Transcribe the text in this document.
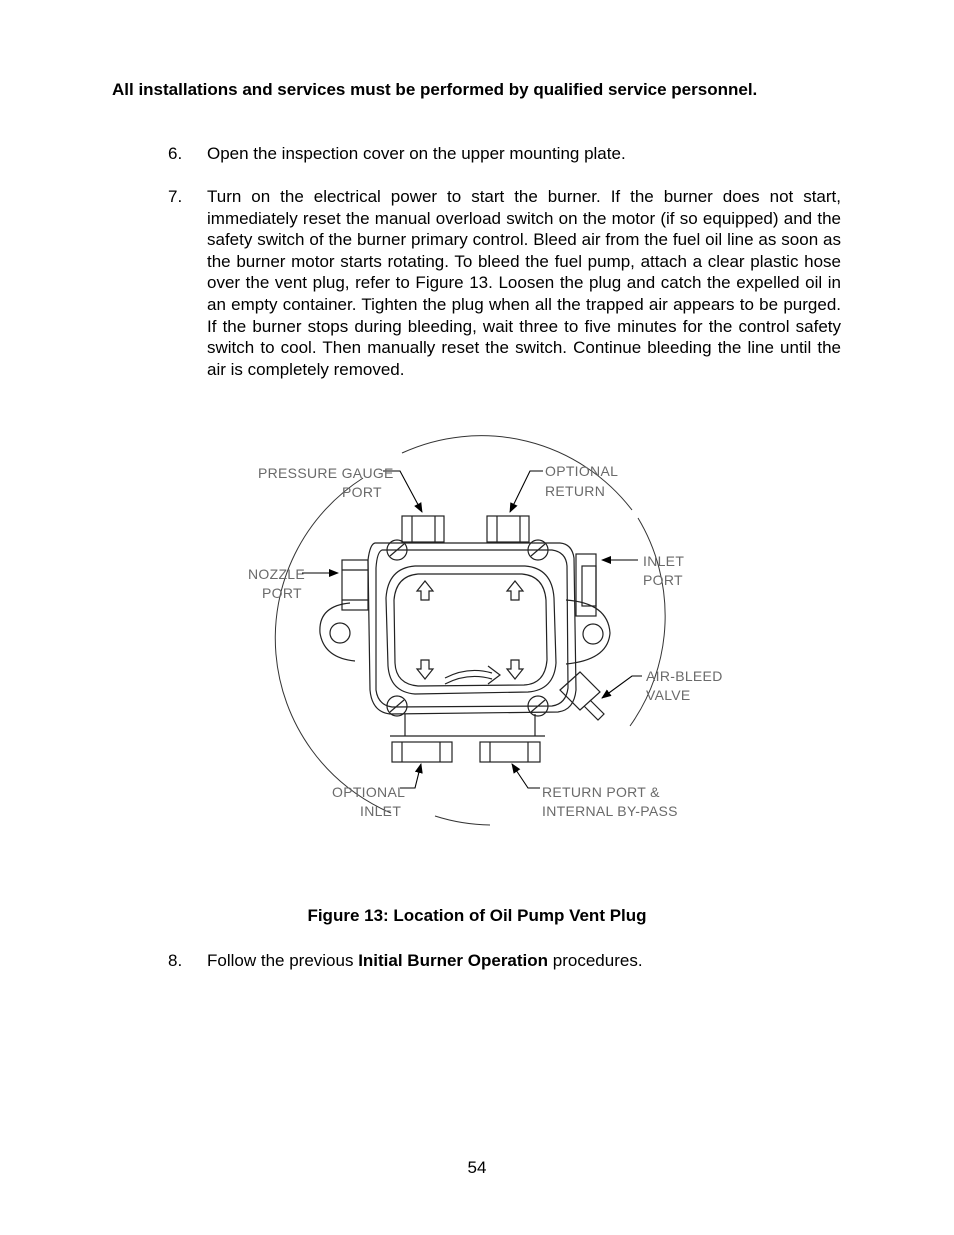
All installations and services must be performed by qualified service personnel.
6. Open the inspection cover on the upper mounting plate.
7. Turn on the electrical power to start the burner. If the burner does not start, immediately reset the manual overload switch on the motor (if so equipped) and the safety switch of the burner primary control. Bleed air from the fuel oil line as soon as the burner motor starts rotating. To bleed the fuel pump, attach a clear plastic hose over the vent plug, refer to Figure 13. Loosen the plug and catch the expelled oil in an empty container. Tighten the plug when all the trapped air appears to be purged. If the burner stops during bleeding, wait three to five minutes for the control safety switch to cool. Then manually reset the switch. Continue bleeding the line until the air is completely removed.
PRESSURE GAUGE
PORT
OPTIONAL
RETURN
NOZZLE
PORT
INLET
PORT
AIR-BLEED
VALVE
OPTIONAL
INLET
RETURN PORT &
INTERNAL BY-PASS
Figure 13: Location of Oil Pump Vent Plug
8. Follow the previous Initial Burner Operation procedures.
54
